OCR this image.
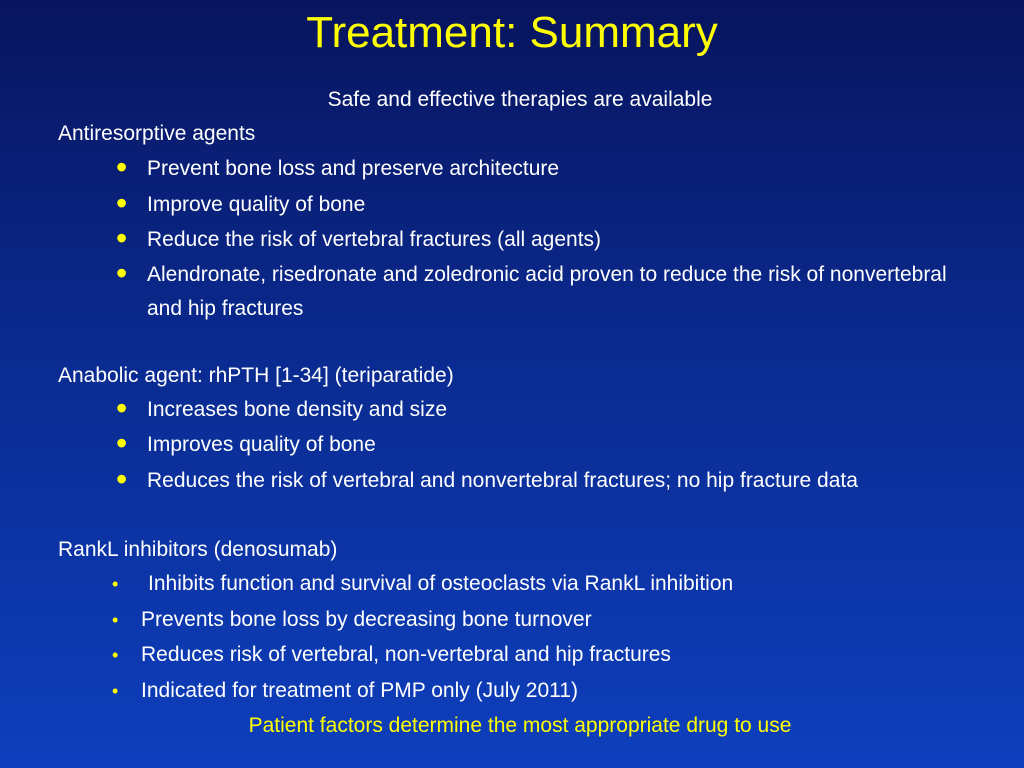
Treatment: Summary
Safe and effective therapies are available
Antiresorptive agents
• Prevent bone loss and preserve architecture
• Improve quality of bone
• Reduce the risk of vertebral fractures (all agents)
• Alendronate, risedronate and zoledronic acid proven to reduce the risk of nonvertebral and hip fractures
Anabolic agent: rhPTH [1-34] (teriparatide)
• Increases bone density and size
• Improves quality of bone
• Reduces the risk of vertebral and nonvertebral fractures; no hip fracture data
RankL inhibitors (denosumab)
• Inhibits function and survival of osteoclasts via RankL inhibition
• Prevents bone loss by decreasing bone turnover
• Reduces risk of vertebral, non-vertebral and hip fractures
• Indicated for treatment of PMP only (July 2011)
Patient factors determine the most appropriate drug to use
